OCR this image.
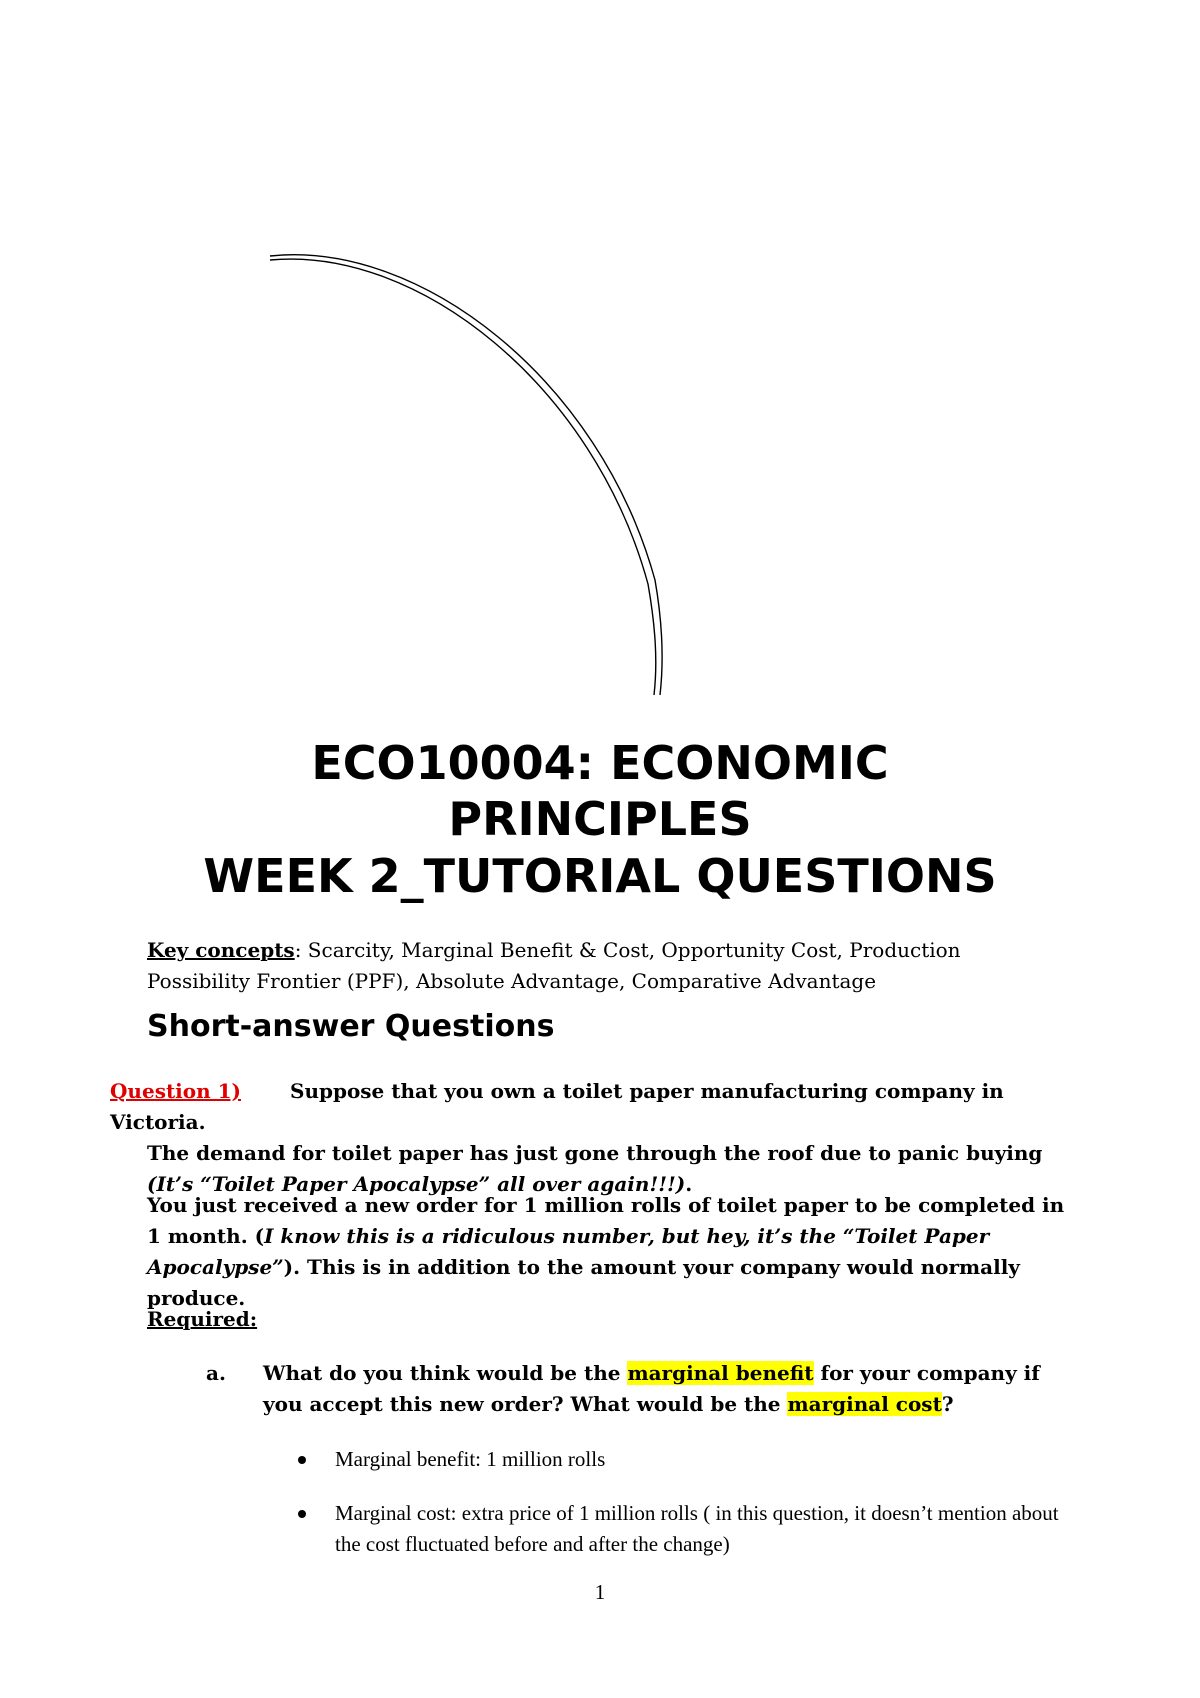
ECO10004: ECONOMIC
PRINCIPLES
WEEK 2_TUTORIAL QUESTIONS
Key concepts: Scarcity, Marginal Benefit & Cost, Opportunity Cost, Production Possibility Frontier (PPF), Absolute Advantage, Comparative Advantage
Short-answer Questions
Question 1) Suppose that you own a toilet paper manufacturing company in Victoria.
The demand for toilet paper has just gone through the roof due to panic buying (It’s “Toilet Paper Apocalypse” all over again!!!).
You just received a new order for 1 million rolls of toilet paper to be completed in 1 month. (I know this is a ridiculous number, but hey, it’s the “Toilet Paper Apocalypse”). This is in addition to the amount your company would normally produce.
Required:
a. What do you think would be the marginal benefit for your company if you accept this new order? What would be the marginal cost?
Marginal benefit: 1 million rolls
Marginal cost: extra price of 1 million rolls ( in this question, it doesn’t mention about the cost fluctuated before and after the change)
1
